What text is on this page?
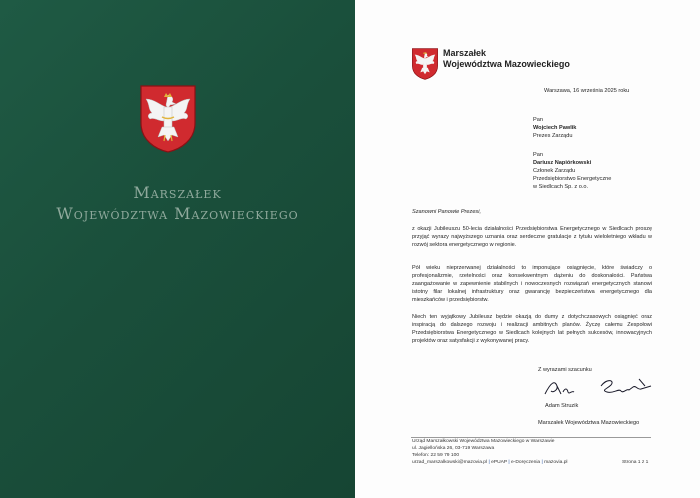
Marszałek
Województwa Mazowieckiego
Marszałek
Województwa Mazowieckiego
Warszawa, 16 września 2025 roku
Pan
Wojciech Pawlik
Prezes Zarządu
Pan
Dariusz Napiórkowski
Członek Zarządu
Przedsiębiorstwo Energetyczne
w Siedlcach Sp. z o.o.
Szanowni Panowie Prezesi,
z okazji Jubileuszu 50-lecia działalności Przedsiębiorstwa Energetycznego w Siedlcach proszę przyjąć wyrazy najwyższego uznania oraz serdeczne gratulacje z tytułu wieloletniego wkładu w rozwój sektora energetycznego w regionie.
Pół wieku nieprzerwanej działalności to imponujące osiągnięcie, które świadczy o profesjonalizmie, rzetelności oraz konsekwentnym dążeniu do doskonałości. Państwa zaangażowanie w zapewnienie stabilnych i nowoczesnych rozwiązań energetycznych stanowi istotny filar lokalnej infrastruktury oraz gwarancję bezpieczeństwa energetycznego dla mieszkańców i przedsiębiorstw.
Niech ten wyjątkowy Jubileusz będzie okazją do dumy z dotychczasowych osiągnięć oraz inspiracją do dalszego rozwoju i realizacji ambitnych planów. Życzę całemu Zespołowi Przedsiębiorstwa Energetycznego w Siedlcach kolejnych lat pełnych sukcesów, innowacyjnych projektów oraz satysfakcji z wykonywanej pracy.
Z wyrazami szacunku
Adam Struzik
Marszałek Województwa Mazowieckiego
Urząd Marszałkowski Województwa Mazowieckiego w Warszawie
ul. Jagiellońska 26, 03-719 Warszawa
Telefon: 22 59 79 100
urzad_marszalkowski@mazovia.pl | ePUAP | e-Doręczenia | mazovia.pl	Strona 1 z 1
